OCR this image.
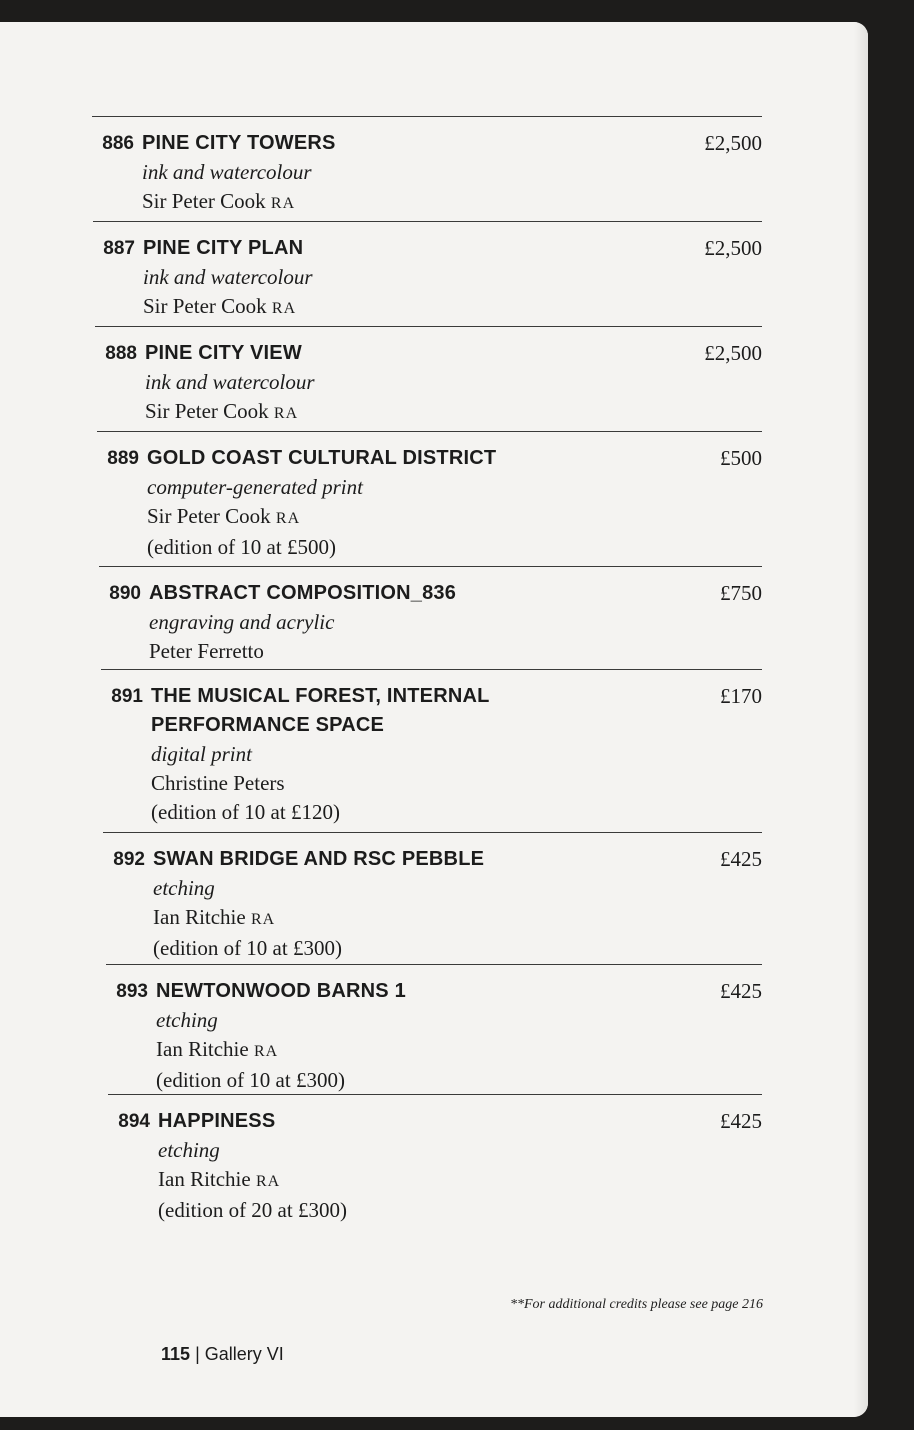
886 PINE CITY TOWERS
ink and watercolour
Sir Peter Cook RA
£2,500
887 PINE CITY PLAN
ink and watercolour
Sir Peter Cook RA
£2,500
888 PINE CITY VIEW
ink and watercolour
Sir Peter Cook RA
£2,500
889 GOLD COAST CULTURAL DISTRICT
computer-generated print
Sir Peter Cook RA
(edition of 10 at £500)
£500
890 ABSTRACT COMPOSITION_836
engraving and acrylic
Peter Ferretto
£750
891 THE MUSICAL FOREST, INTERNAL
PERFORMANCE SPACE
digital print
Christine Peters
(edition of 10 at £120)
£170
892 SWAN BRIDGE AND RSC PEBBLE
etching
Ian Ritchie RA
(edition of 10 at £300)
£425
893 NEWTONWOOD BARNS 1
etching
Ian Ritchie RA
(edition of 10 at £300)
£425
894 HAPPINESS
etching
Ian Ritchie RA
(edition of 20 at £300)
£425
**For additional credits please see page 216
115 | Gallery VI
